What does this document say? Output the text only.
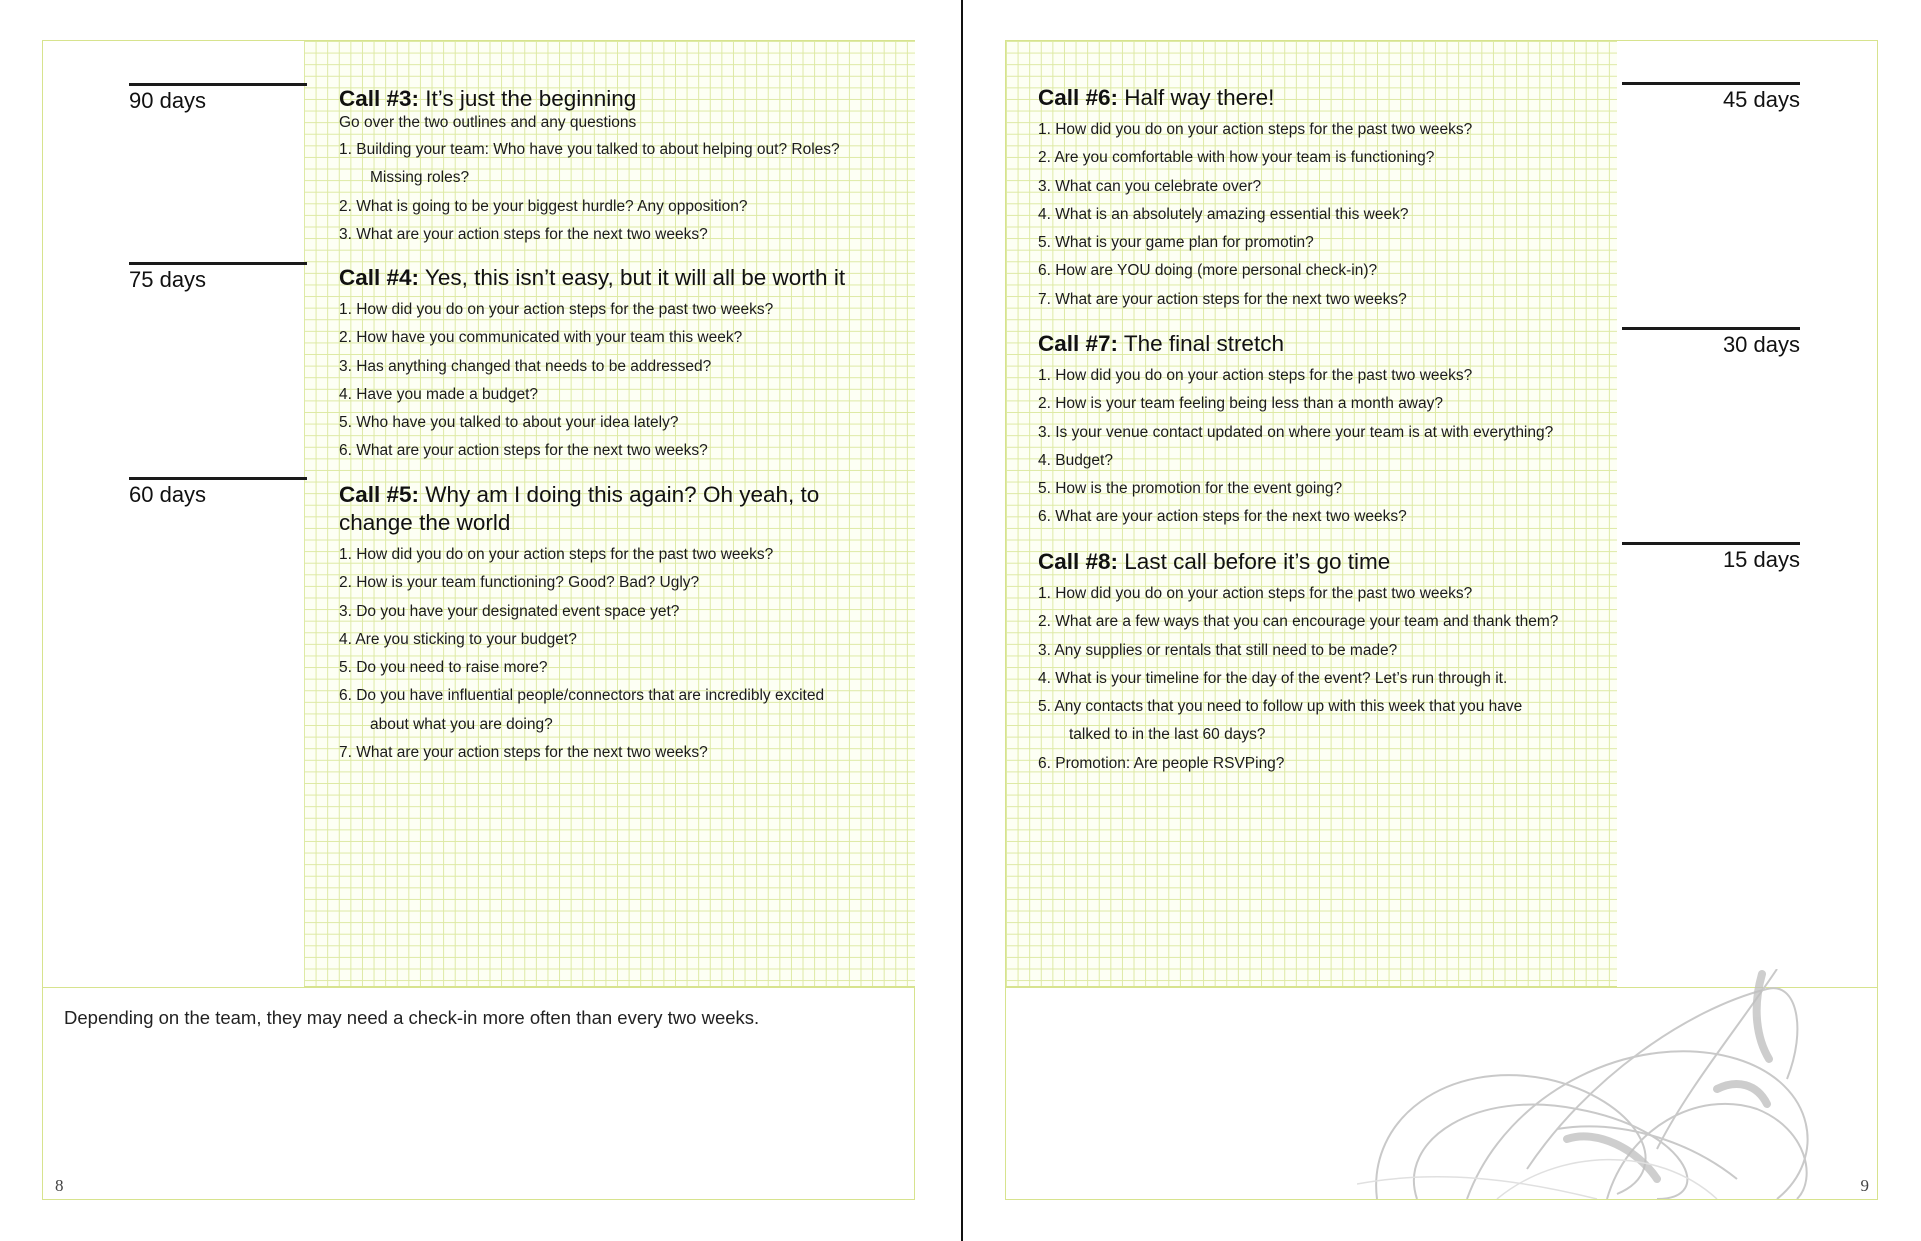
90 days
75 days
60 days
Call #3: It’s just the beginning
Go over the two outlines and any questions
1. Building your team: Who have you talked to about helping out? Roles?
Missing roles?
2. What is going to be your biggest hurdle? Any opposition?
3. What are your action steps for the next two weeks?
Call #4: Yes, this isn’t easy, but it will all be worth it
1. How did you do on your action steps for the past two weeks?
2. How have you communicated with your team this week?
3. Has anything changed that needs to be addressed?
4. Have you made a budget?
5. Who have you talked to about your idea lately?
6. What are your action steps for the next two weeks?
Call #5: Why am I doing this again? Oh yeah, to change the world
1. How did you do on your action steps for the past two weeks?
2. How is your team functioning? Good? Bad? Ugly?
3. Do you have your designated event space yet?
4. Are you sticking to your budget?
5. Do you need to raise more?
6. Do you have influential people/connectors that are incredibly excited
about what you are doing?
7. What are your action steps for the next two weeks?
Depending on the team, they may need a check-in more often than every two weeks.
8
45 days
30 days
15 days
Call #6: Half way there!
1. How did you do on your action steps for the past two weeks?
2. Are you comfortable with how your team is functioning?
3. What can you celebrate over?
4. What is an absolutely amazing essential this week?
5. What is your game plan for promotin?
6. How are YOU doing (more personal check-in)?
7. What are your action steps for the next two weeks?
Call #7: The final stretch
1. How did you do on your action steps for the past two weeks?
2. How is your team feeling being less than a month away?
3. Is your venue contact updated on where your team is at with everything?
4. Budget?
5. How is the promotion for the event going?
6. What are your action steps for the next two weeks?
Call #8: Last call before it’s go time
1. How did you do on your action steps for the past two weeks?
2. What are a few ways that you can encourage your team and thank them?
3. Any supplies or rentals that still need to be made?
4. What is your timeline for the day of the event? Let’s run through it.
5. Any contacts that you need to follow up with this week that you have
talked to in the last 60 days?
6. Promotion: Are people RSVPing?
9
